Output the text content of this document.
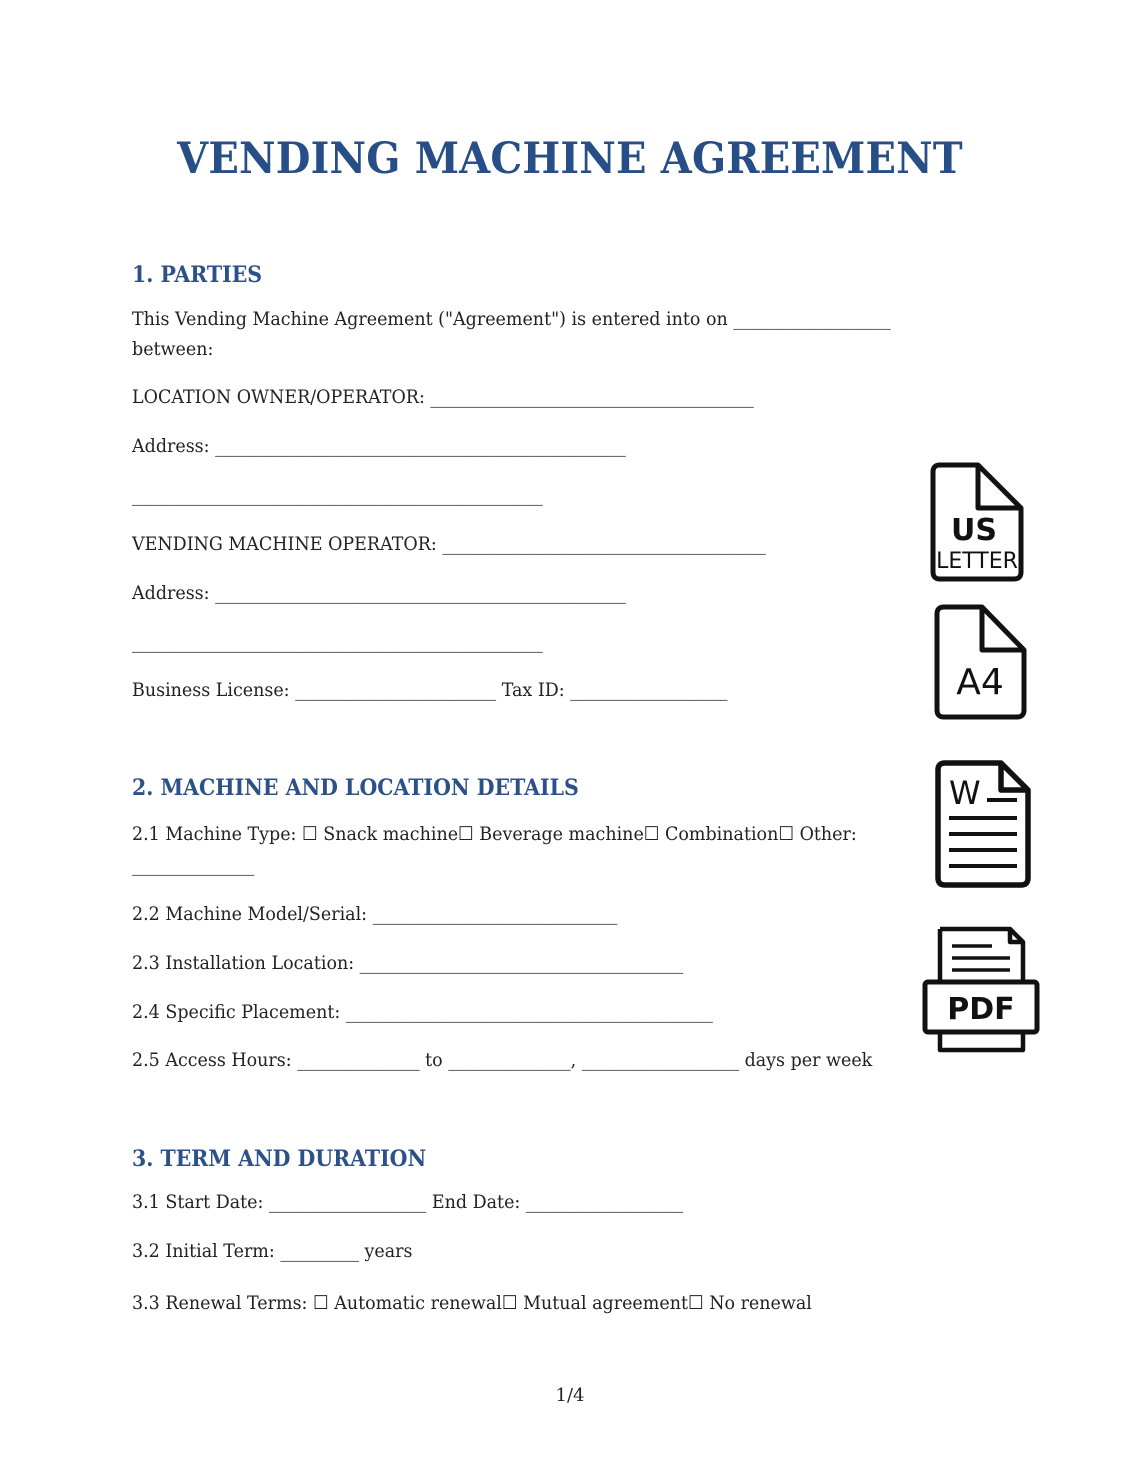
VENDING MACHINE AGREEMENT
1. PARTIES
This Vending Machine Agreement ("Agreement") is entered into on __________________
between:
LOCATION OWNER/OPERATOR: _____________________________________
Address: _______________________________________________
_______________________________________________
VENDING MACHINE OPERATOR: _____________________________________
Address: _______________________________________________
_______________________________________________
Business License: _______________________ Tax ID: __________________
2. MACHINE AND LOCATION DETAILS
2.1 Machine Type: ☐ Snack machine☐ Beverage machine☐ Combination☐ Other:
______________
2.2 Machine Model/Serial: ____________________________
2.3 Installation Location: _____________________________________
2.4 Specific Placement: __________________________________________
2.5 Access Hours: ______________ to ______________, __________________ days per week
3. TERM AND DURATION
3.1 Start Date: __________________ End Date: __________________
3.2 Initial Term: _________ years
3.3 Renewal Terms: ☐ Automatic renewal☐ Mutual agreement☐ No renewal
1/4
US
LETTER
A4
W
PDF
